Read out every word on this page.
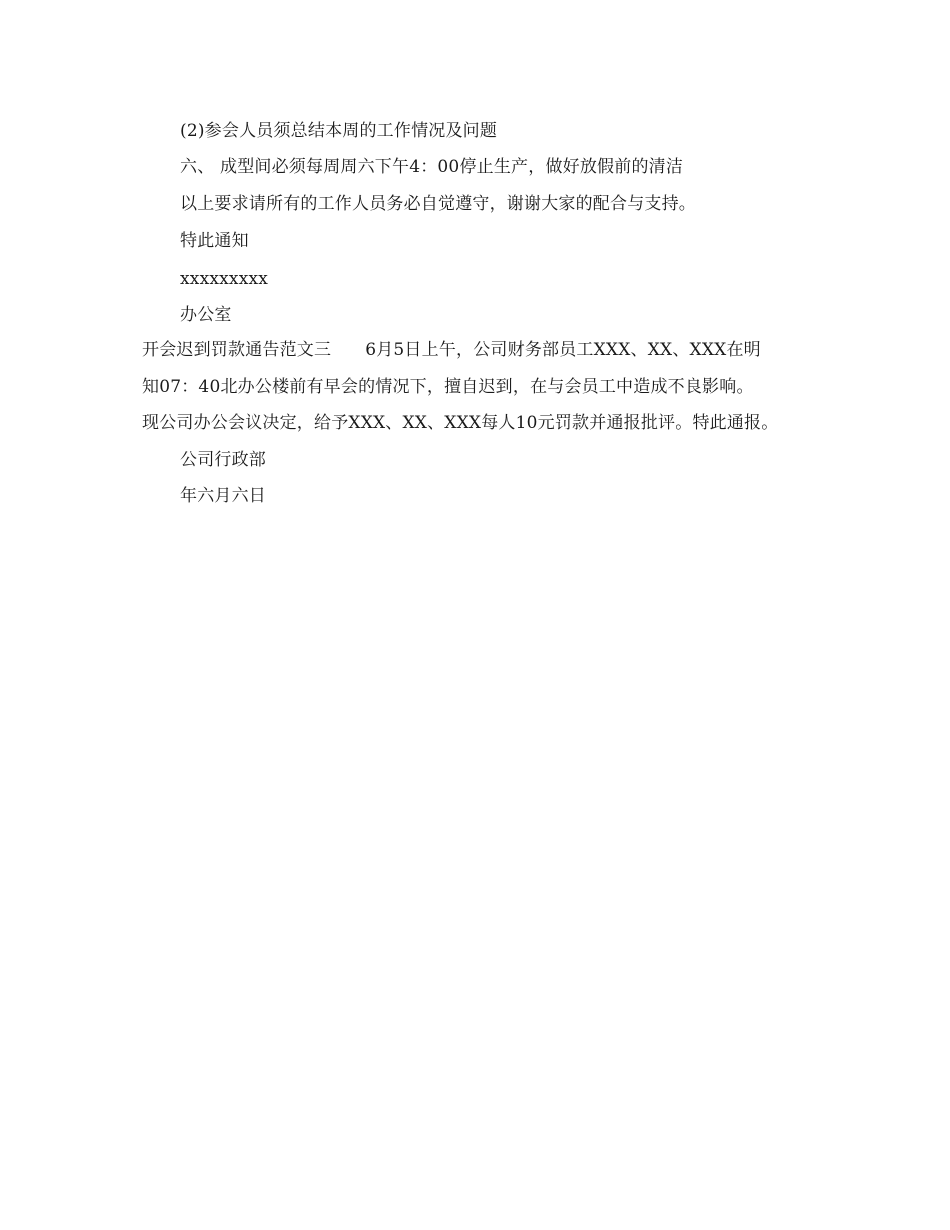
(2)参会人员须总结本周的工作情况及问题
六、 成型间必须每周周六下午4：00停止生产，做好放假前的清洁
以上要求请所有的工作人员务必自觉遵守，谢谢大家的配合与支持。
特此通知
xxxxxxxxx
办公室
开会迟到罚款通告范文三 6月5日上午，公司财务部员工XXX、XX、XXX在明
知07：40北办公楼前有早会的情况下，擅自迟到，在与会员工中造成不良影响。
现公司办公会议决定，给予XXX、XX、XXX每人10元罚款并通报批评。特此通报。
公司行政部
年六月六日
